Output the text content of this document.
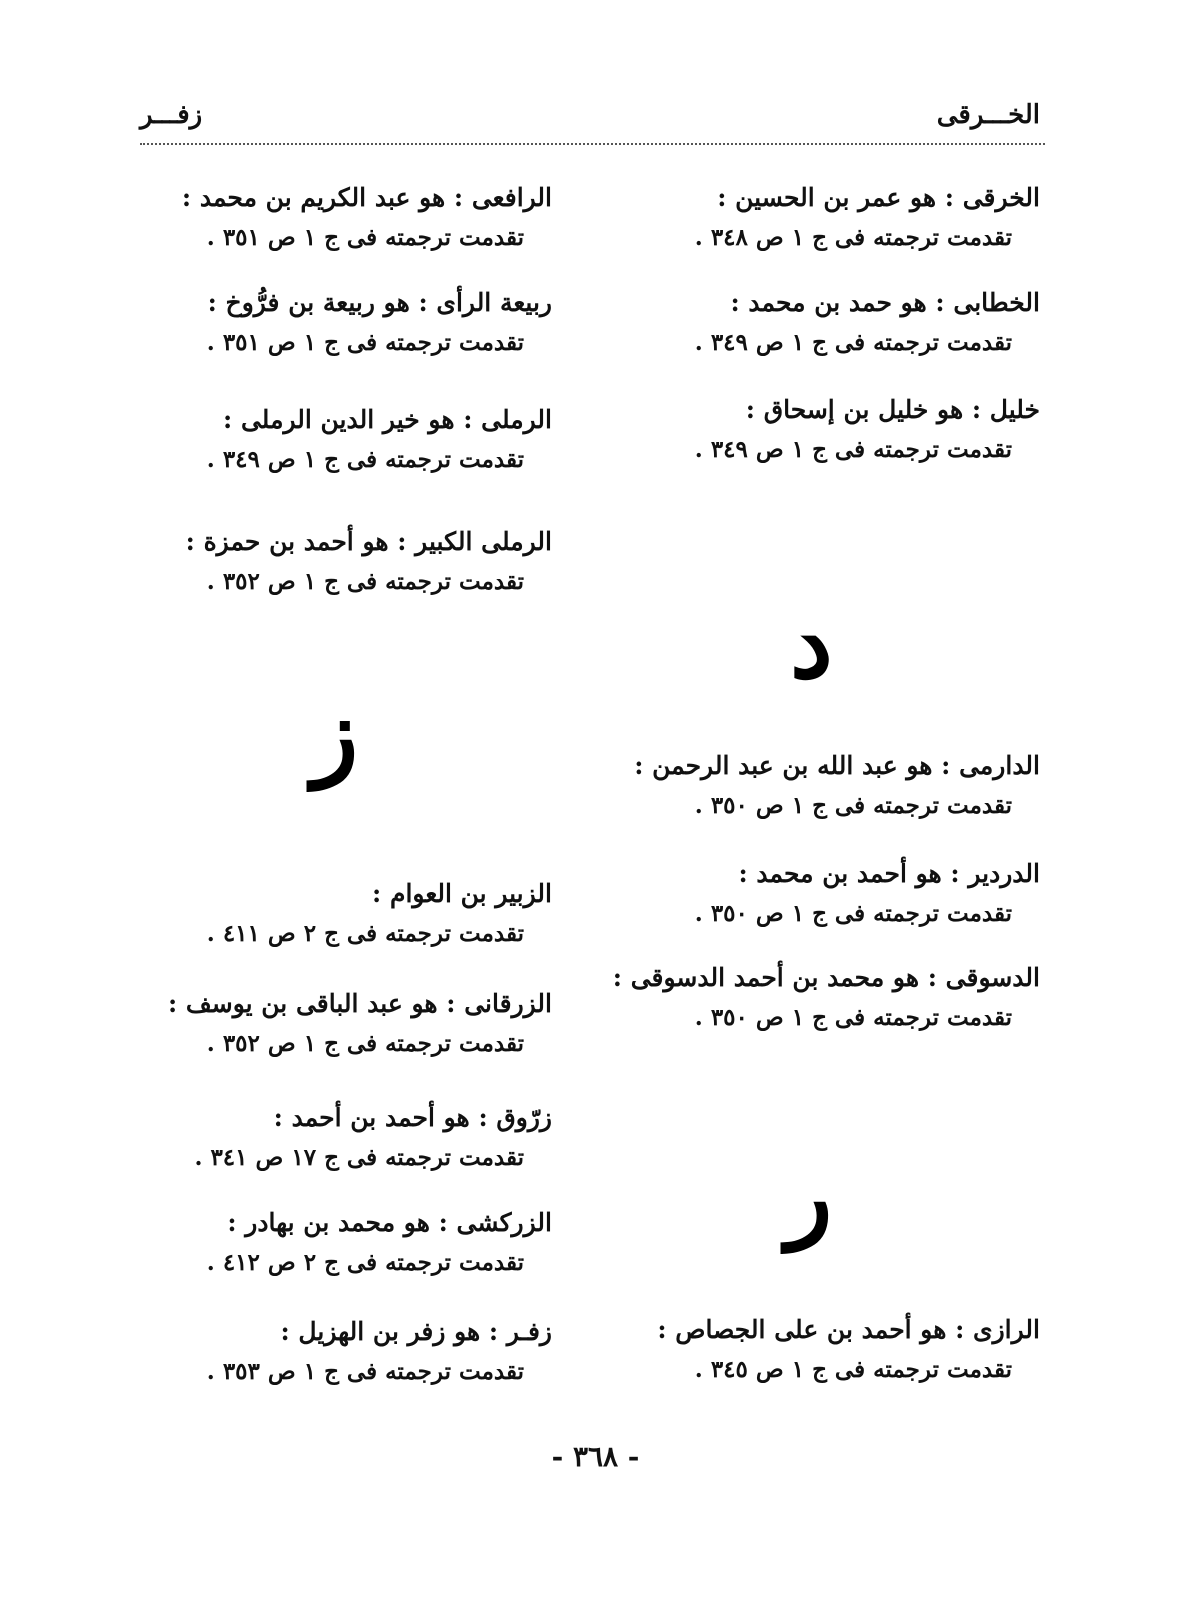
الخـــرقى
زفـــر
الخرقى : هو عمر بن الحسين :
تقدمت ترجمته فى ج ١ ص ٣٤٨ .
الخطابى : هو حمد بن محمد :
تقدمت ترجمته فى ج ١ ص ٣٤٩ .
خليل : هو خليل بن إسحاق :
تقدمت ترجمته فى ج ١ ص ٣٤٩ .
الدارمى : هو عبد الله بن عبد الرحمن :
تقدمت ترجمته فى ج ١ ص ٣٥٠ .
الدردير : هو أحمد بن محمد :
تقدمت ترجمته فى ج ١ ص ٣٥٠ .
الدسوقى : هو محمد بن أحمد الدسوقى :
تقدمت ترجمته فى ج ١ ص ٣٥٠ .
الرازى : هو أحمد بن على الجصاص :
تقدمت ترجمته فى ج ١ ص ٣٤٥ .
د
ر
الرافعى : هو عبد الكريم بن محمد :
تقدمت ترجمته فى ج ١ ص ٣٥١ .
ربيعة الرأى : هو ربيعة بن فرُّوخ :
تقدمت ترجمته فى ج ١ ص ٣٥١ .
الرملى : هو خير الدين الرملى :
تقدمت ترجمته فى ج ١ ص ٣٤٩ .
الرملى الكبير : هو أحمد بن حمزة :
تقدمت ترجمته فى ج ١ ص ٣٥٢ .
الزبير بن العوام :
تقدمت ترجمته فى ج ٢ ص ٤١١ .
الزرقانى : هو عبد الباقى بن يوسف :
تقدمت ترجمته فى ج ١ ص ٣٥٢ .
زرّوق : هو أحمد بن أحمد :
تقدمت ترجمته فى ج ١٧ ص ٣٤١ .
الزركشى : هو محمد بن بهادر :
تقدمت ترجمته فى ج ٢ ص ٤١٢ .
زفـر : هو زفر بن الهزيل :
تقدمت ترجمته فى ج ١ ص ٣٥٣ .
ز
- ٣٦٨ -
